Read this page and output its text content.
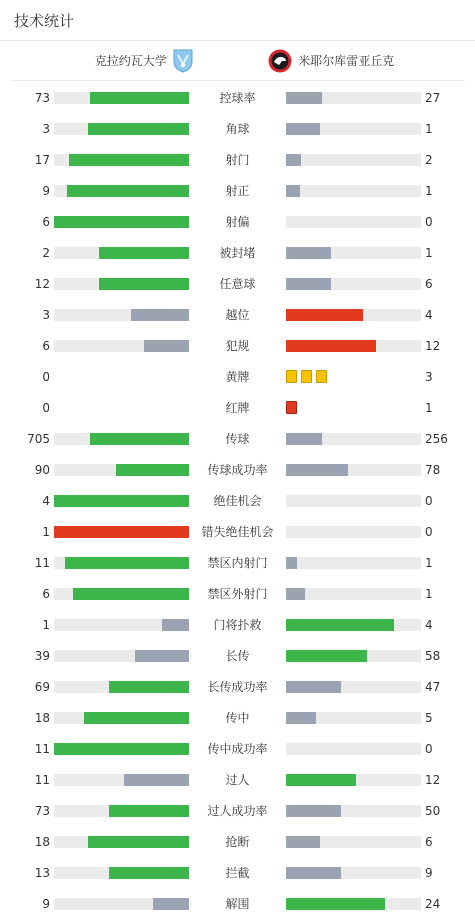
技术统计
克拉约瓦大学	米耶尔库雷亚丘克
73	控球率	27
3	角球	1
17	射门	2
9	射正	1
6	射偏	0
2	被封堵	1
12	任意球	6
3	越位	4
6	犯规	12
0	黄牌	3
0	红牌	1
705	传球	256
90	传球成功率	78
4	绝佳机会	0
1	错失绝佳机会	0
11	禁区内射门	1
6	禁区外射门	1
1	门将扑救	4
39	长传	58
69	长传成功率	47
18	传中	5
11	传中成功率	0
11	过人	12
73	过人成功率	50
18	抢断	6
13	拦截	9
9	解围	24
